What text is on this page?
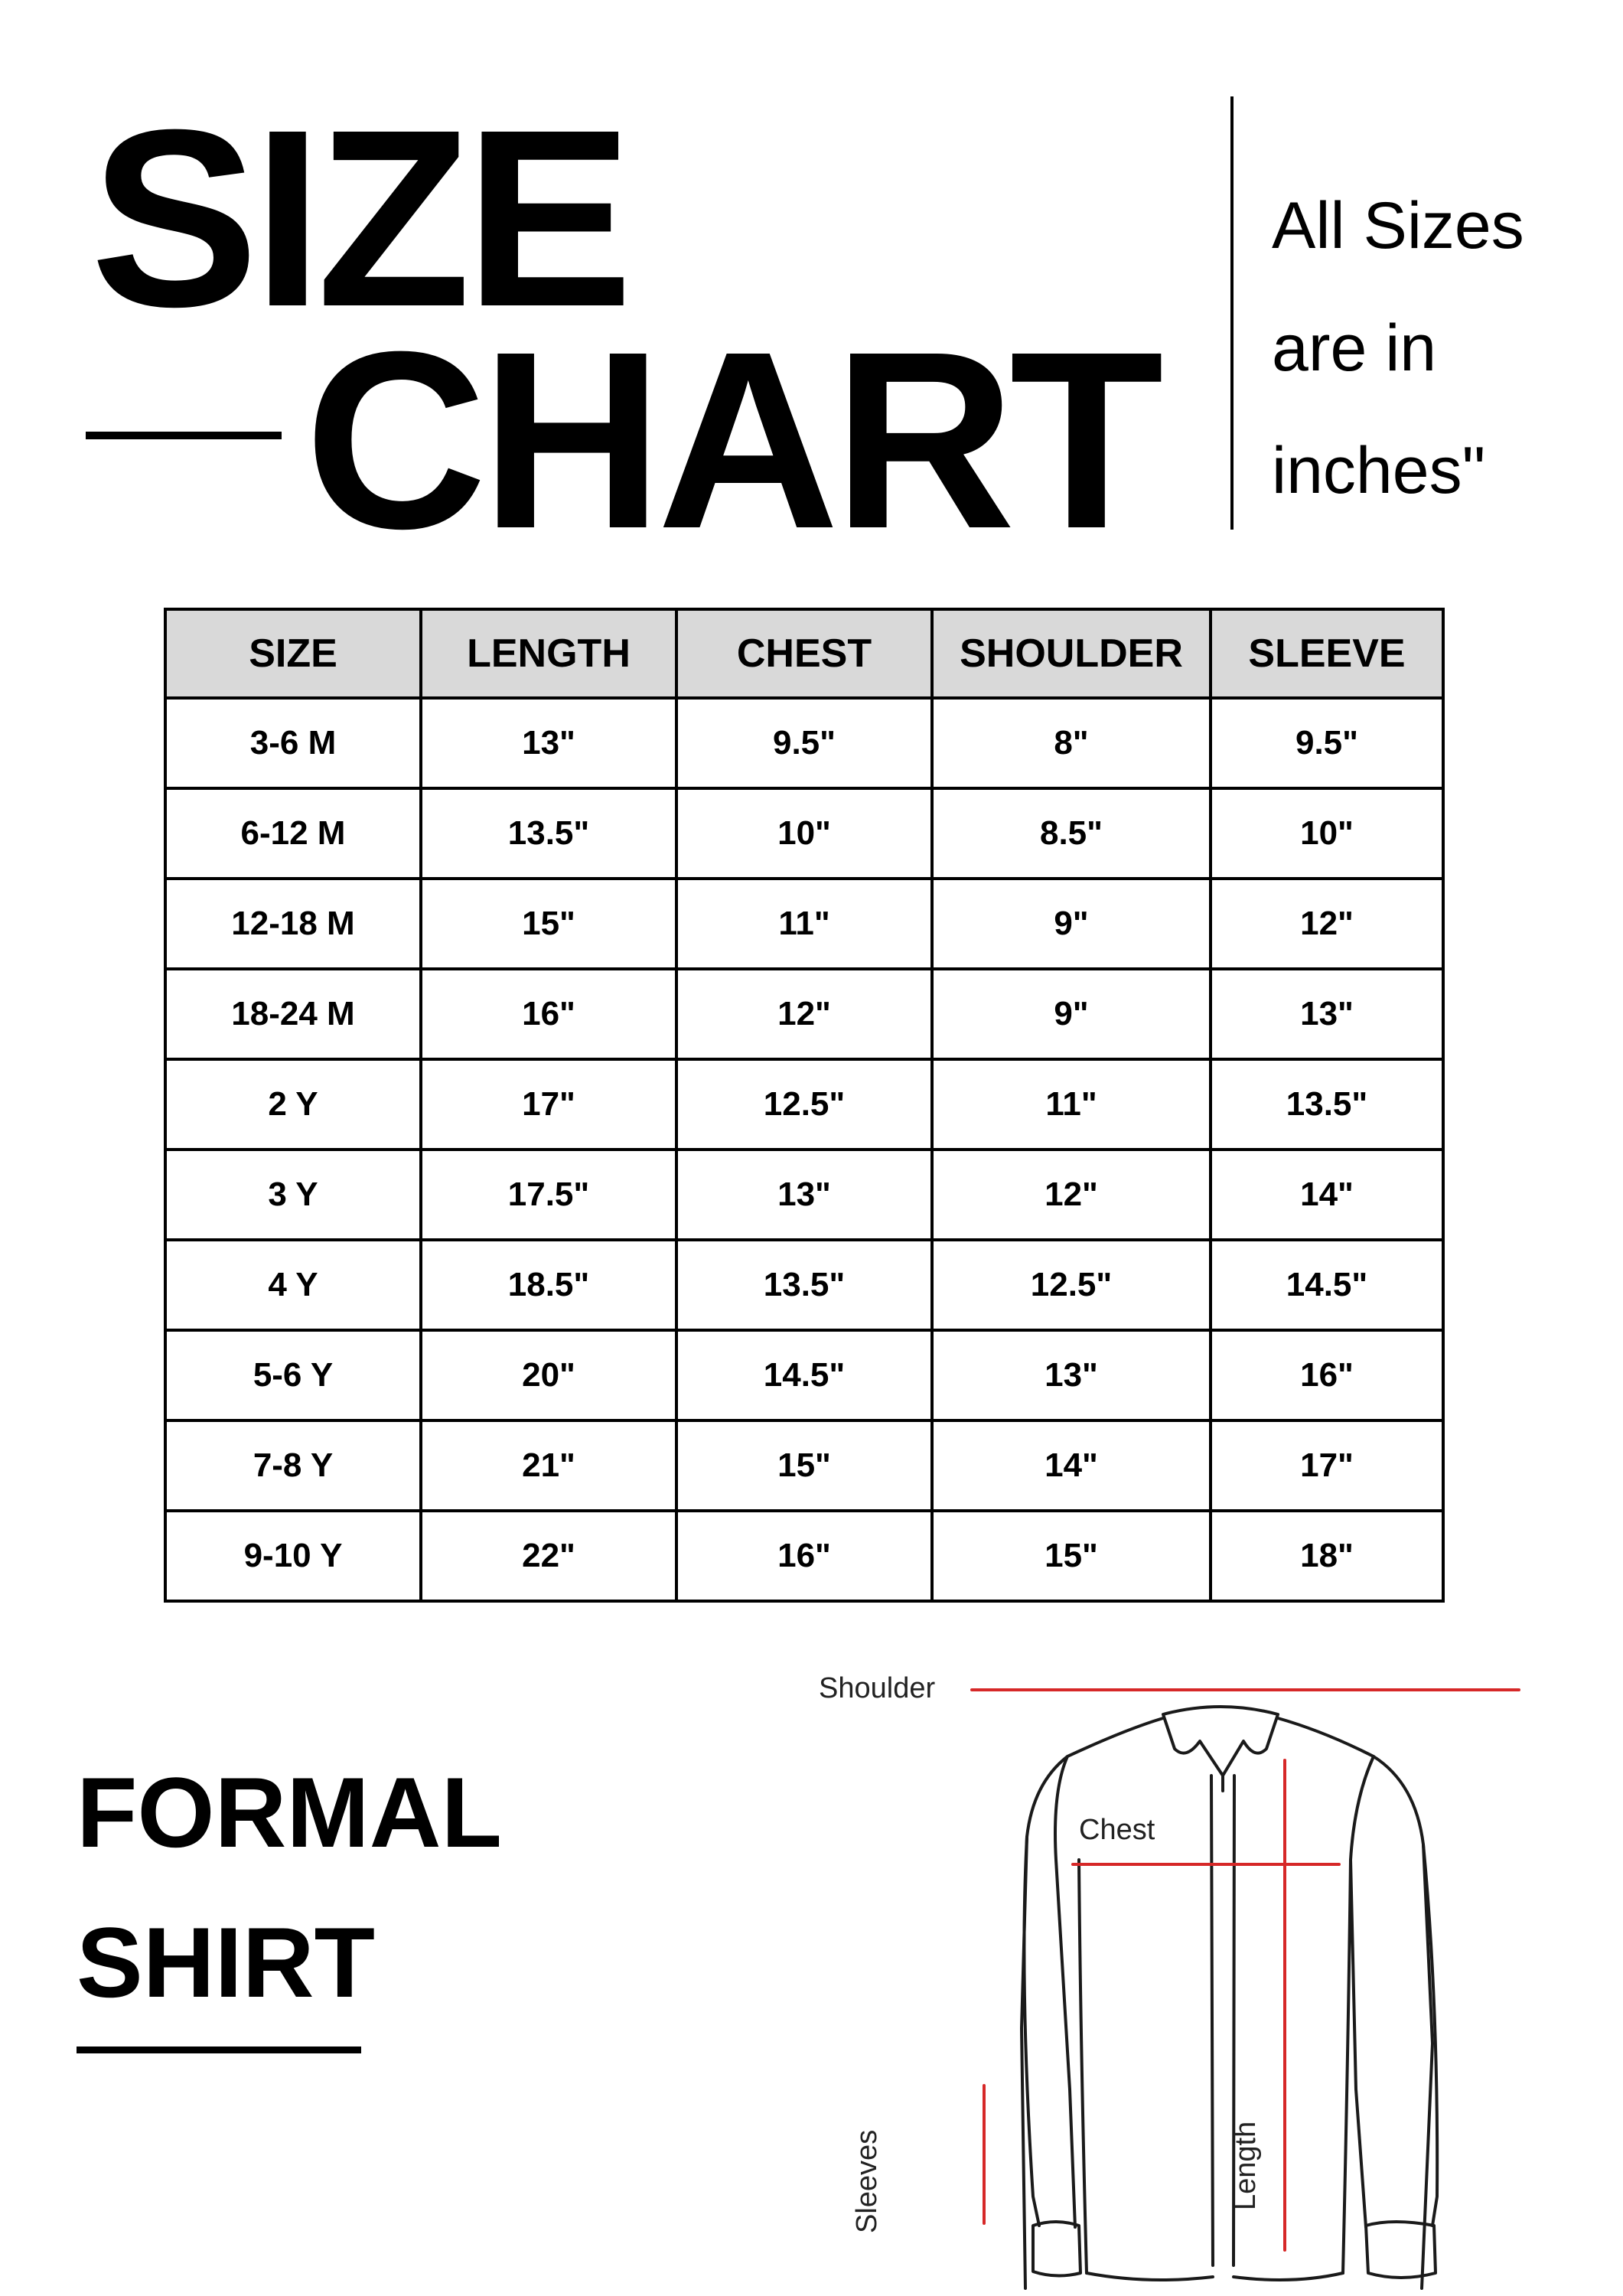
SIZE
CHART

All Sizes are in inches"

SIZE	LENGTH	CHEST	SHOULDER	SLEEVE
3-6 M	13"	9.5"	8"	9.5"
6-12 M	13.5"	10"	8.5"	10"
12-18 M	15"	11"	9"	12"
18-24 M	16"	12"	9"	13"
2 Y	17"	12.5"	11"	13.5"
3 Y	17.5"	13"	12"	14"
4 Y	18.5"	13.5"	12.5"	14.5"
5-6 Y	20"	14.5"	13"	16"
7-8 Y	21"	15"	14"	17"
9-10 Y	22"	16"	15"	18"
FORMAL
SHIRT
Shoulder
Chest
Sleeves	Length
